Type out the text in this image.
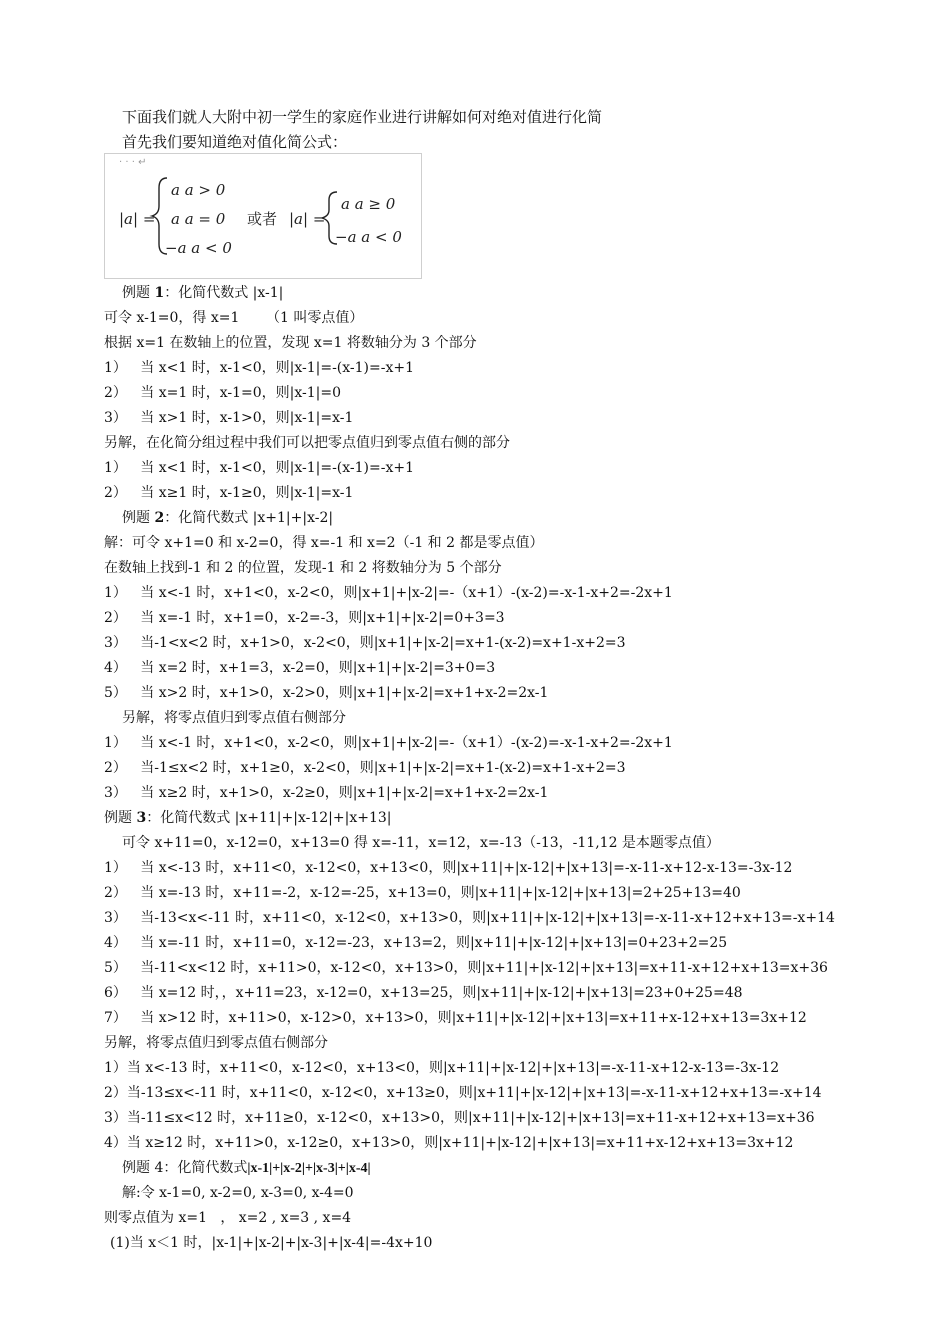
下面我们就人大附中初一学生的家庭作业进行讲解如何对绝对值进行化简
首先我们要知道绝对值化简公式：
· · · ↵
|a| =
a a > 0
a a = 0
−a a < 0
或者 |a| =
a a ≥ 0
−a a < 0
例题 1：化简代数式 |x-1|
可令 x-1=0，得 x=1      （1 叫零点值）
根据 x=1 在数轴上的位置，发现 x=1 将数轴分为 3 个部分
1）   当 x<1 时，x-1<0，则|x-1|=-(x-1)=-x+1
2）   当 x=1 时，x-1=0，则|x-1|=0
3）   当 x>1 时，x-1>0，则|x-1|=x-1
另解，在化简分组过程中我们可以把零点值归到零点值右侧的部分
1）   当 x<1 时，x-1<0，则|x-1|=-(x-1)=-x+1
2）   当 x≥1 时，x-1≥0，则|x-1|=x-1
例题 2：化简代数式 |x+1|+|x-2|
解：可令 x+1=0 和 x-2=0，得 x=-1 和 x=2（-1 和 2 都是零点值）
在数轴上找到-1 和 2 的位置，发现-1 和 2 将数轴分为 5 个部分
1）   当 x<-1 时，x+1<0，x-2<0，则|x+1|+|x-2|=-（x+1）-(x-2)=-x-1-x+2=-2x+1
2）   当 x=-1 时，x+1=0，x-2=-3，则|x+1|+|x-2|=0+3=3
3）   当-1<x<2 时，x+1>0，x-2<0，则|x+1|+|x-2|=x+1-(x-2)=x+1-x+2=3
4）   当 x=2 时，x+1=3，x-2=0，则|x+1|+|x-2|=3+0=3
5）   当 x>2 时，x+1>0，x-2>0，则|x+1|+|x-2|=x+1+x-2=2x-1
另解，将零点值归到零点值右侧部分
1）   当 x<-1 时，x+1<0，x-2<0，则|x+1|+|x-2|=-（x+1）-(x-2)=-x-1-x+2=-2x+1
2）   当-1≤x<2 时，x+1≥0，x-2<0，则|x+1|+|x-2|=x+1-(x-2)=x+1-x+2=3
3）   当 x≥2 时，x+1>0，x-2≥0，则|x+1|+|x-2|=x+1+x-2=2x-1
例题 3：化简代数式 |x+11|+|x-12|+|x+13|
可令 x+11=0，x-12=0，x+13=0 得 x=-11，x=12，x=-13（-13，-11,12 是本题零点值）
1）   当 x<-13 时，x+11<0，x-12<0，x+13<0，则|x+11|+|x-12|+|x+13|=-x-11-x+12-x-13=-3x-12
2）   当 x=-13 时，x+11=-2，x-12=-25，x+13=0，则|x+11|+|x-12|+|x+13|=2+25+13=40
3）   当-13<x<-11 时，x+11<0，x-12<0，x+13>0，则|x+11|+|x-12|+|x+13|=-x-11-x+12+x+13=-x+14
4）   当 x=-11 时，x+11=0，x-12=-23，x+13=2，则|x+11|+|x-12|+|x+13|=0+23+2=25
5）   当-11<x<12 时，x+11>0，x-12<0，x+13>0，则|x+11|+|x-12|+|x+13|=x+11-x+12+x+13=x+36
6）   当 x=12 时，，x+11=23，x-12=0，x+13=25，则|x+11|+|x-12|+|x+13|=23+0+25=48
7）   当 x>12 时，x+11>0，x-12>0，x+13>0，则|x+11|+|x-12|+|x+13|=x+11+x-12+x+13=3x+12
另解，将零点值归到零点值右侧部分
1）当 x<-13 时，x+11<0，x-12<0，x+13<0，则|x+11|+|x-12|+|x+13|=-x-11-x+12-x-13=-3x-12
2）当-13≤x<-11 时，x+11<0，x-12<0，x+13≥0，则|x+11|+|x-12|+|x+13|=-x-11-x+12+x+13=-x+14
3）当-11≤x<12 时，x+11≥0，x-12<0，x+13>0，则|x+11|+|x-12|+|x+13|=x+11-x+12+x+13=x+36
4）当 x≥12 时，x+11>0，x-12≥0，x+13>0，则|x+11|+|x-12|+|x+13|=x+11+x-12+x+13=3x+12
例题 4：化简代数式|x-1|+|x-2|+|x-3|+|x-4|
解:令 x-1=0, x-2=0, x-3=0, x-4=0
则零点值为 x=1   ， x=2 , x=3 , x=4
(1)当 x＜1 时，|x-1|+|x-2|+|x-3|+|x-4|=-4x+10
